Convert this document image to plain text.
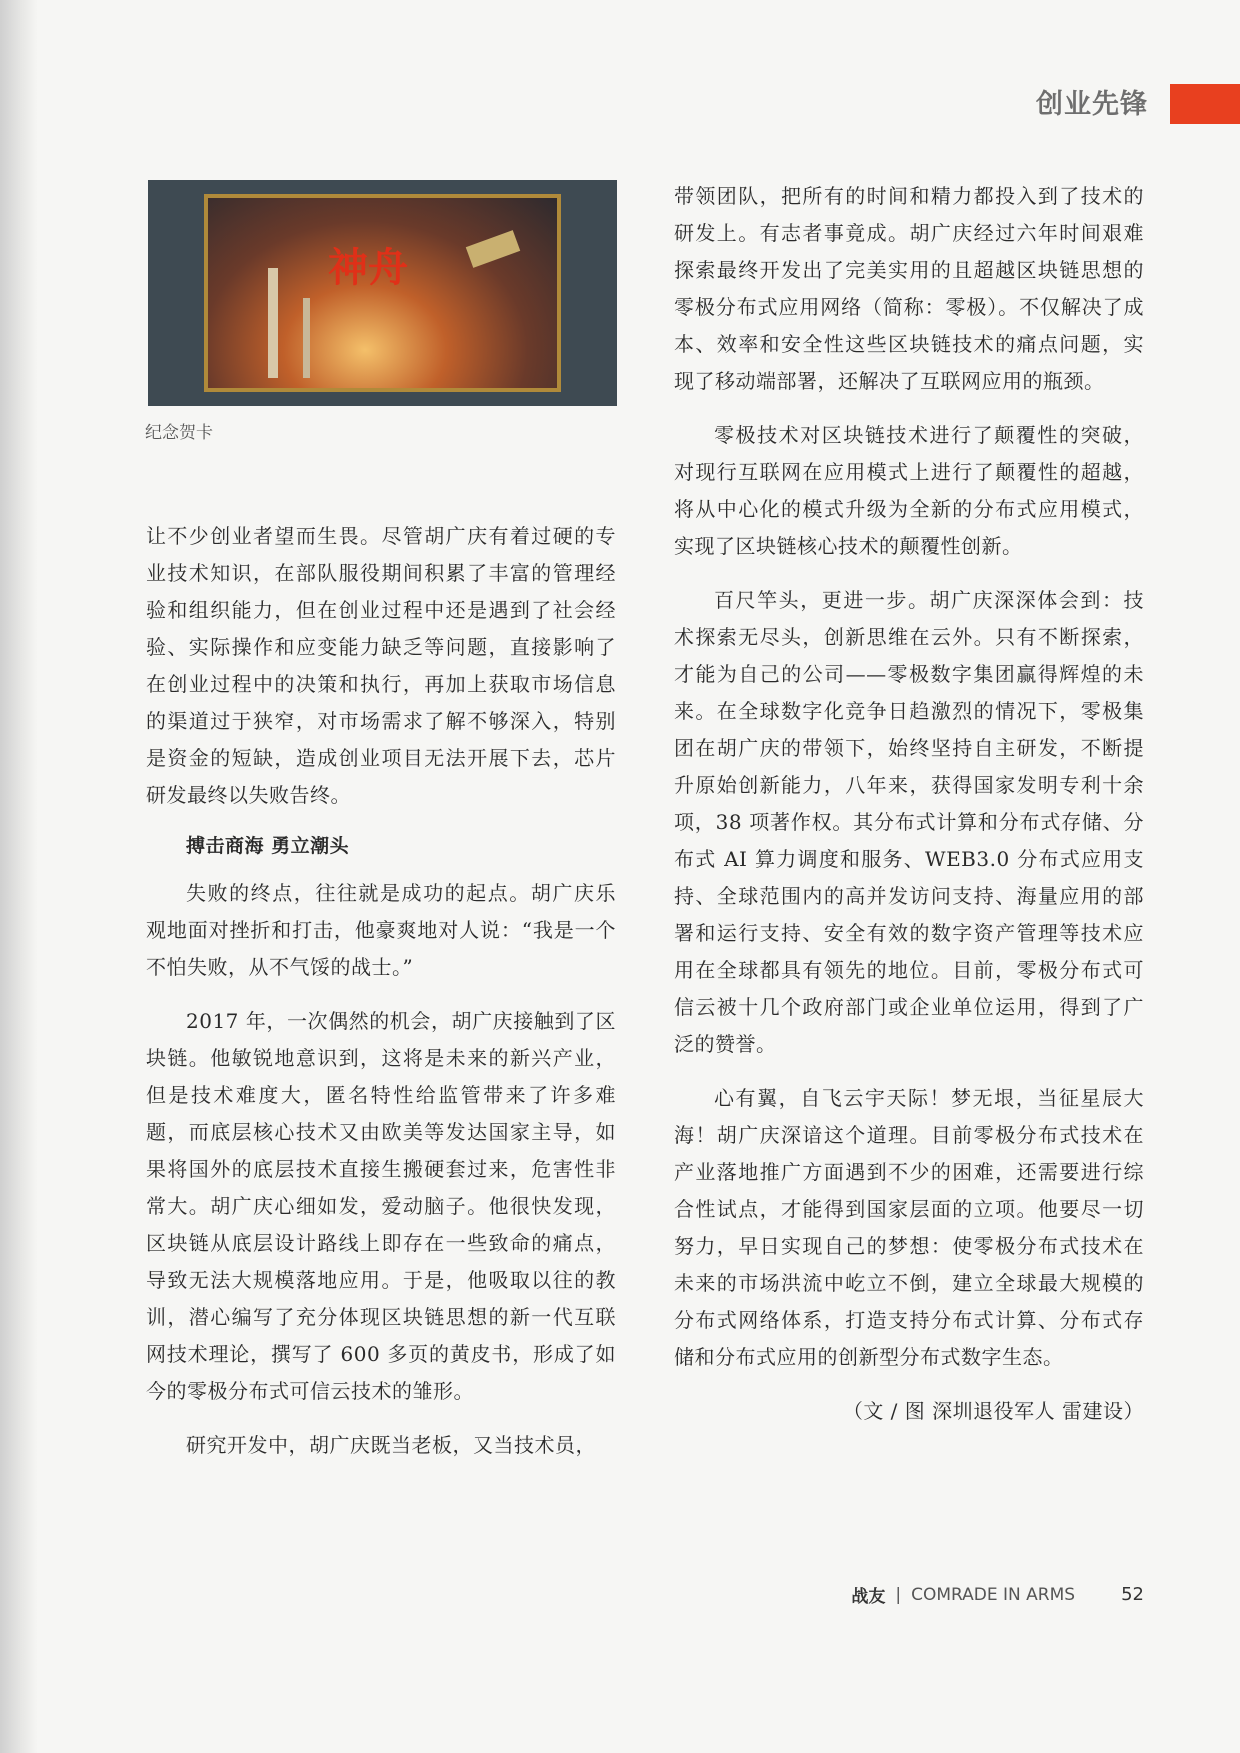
创业先锋
神舟
纪念贺卡

让不少创业者望而生畏。尽管胡广庆有着过硬的专业技术知识，在部队服役期间积累了丰富的管理经验和组织能力，但在创业过程中还是遇到了社会经验、实际操作和应变能力缺乏等问题，直接影响了在创业过程中的决策和执行，再加上获取市场信息的渠道过于狭窄，对市场需求了解不够深入，特别是资金的短缺，造成创业项目无法开展下去，芯片研发最终以失败告终。

搏击商海 勇立潮头

失败的终点，往往就是成功的起点。胡广庆乐观地面对挫折和打击，他豪爽地对人说：“我是一个不怕失败，从不气馁的战士。”

2017 年，一次偶然的机会，胡广庆接触到了区块链。他敏锐地意识到，这将是未来的新兴产业，但是技术难度大，匿名特性给监管带来了许多难题，而底层核心技术又由欧美等发达国家主导，如果将国外的底层技术直接生搬硬套过来，危害性非常大。胡广庆心细如发，爱动脑子。他很快发现，区块链从底层设计路线上即存在一些致命的痛点，导致无法大规模落地应用。于是，他吸取以往的教训，潜心编写了充分体现区块链思想的新一代互联网技术理论，撰写了 600 多页的黄皮书，形成了如今的零极分布式可信云技术的雏形。

研究开发中，胡广庆既当老板，又当技术员，

带领团队，把所有的时间和精力都投入到了技术的研发上。有志者事竟成。胡广庆经过六年时间艰难探索最终开发出了完美实用的且超越区块链思想的零极分布式应用网络（简称：零极）。不仅解决了成本、效率和安全性这些区块链技术的痛点问题，实现了移动端部署，还解决了互联网应用的瓶颈。

零极技术对区块链技术进行了颠覆性的突破，对现行互联网在应用模式上进行了颠覆性的超越，将从中心化的模式升级为全新的分布式应用模式，实现了区块链核心技术的颠覆性创新。

百尺竿头，更进一步。胡广庆深深体会到：技术探索无尽头，创新思维在云外。只有不断探索，才能为自己的公司——零极数字集团赢得辉煌的未来。在全球数字化竞争日趋激烈的情况下，零极集团在胡广庆的带领下，始终坚持自主研发，不断提升原始创新能力，八年来，获得国家发明专利十余项，38 项著作权。其分布式计算和分布式存储、分布式 AI 算力调度和服务、WEB3.0 分布式应用支持、全球范围内的高并发访问支持、海量应用的部署和运行支持、安全有效的数字资产管理等技术应用在全球都具有领先的地位。目前，零极分布式可信云被十几个政府部门或企业单位运用，得到了广泛的赞誉。

心有翼，自飞云宇天际！梦无垠，当征星辰大海！胡广庆深谙这个道理。目前零极分布式技术在产业落地推广方面遇到不少的困难，还需要进行综合性试点，才能得到国家层面的立项。他要尽一切努力，早日实现自己的梦想：使零极分布式技术在未来的市场洪流中屹立不倒，建立全球最大规模的分布式网络体系，打造支持分布式计算、分布式存储和分布式应用的创新型分布式数字生态。

（文 / 图 深圳退役军人 雷建设）
战友 | COMRADE IN ARMS	52
